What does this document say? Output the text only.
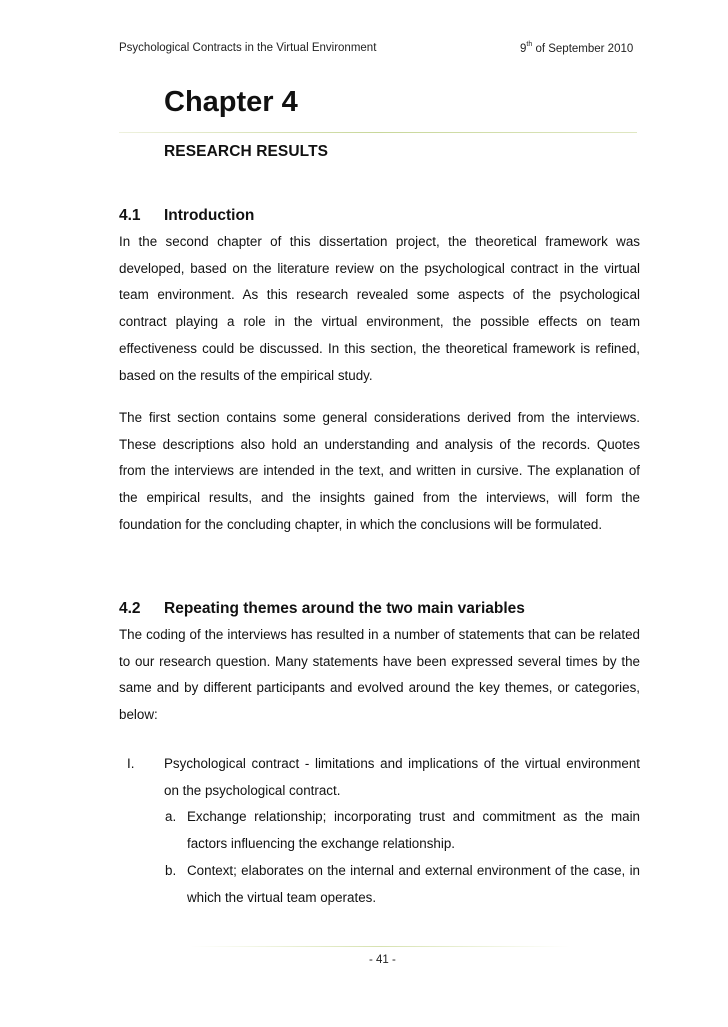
Psychological Contracts in the Virtual Environment	9th of September 2010
Chapter 4
RESEARCH RESULTS
4.1 Introduction
In the second chapter of this dissertation project, the theoretical framework was developed, based on the literature review on the psychological contract in the virtual team environment. As this research revealed some aspects of the psychological contract playing a role in the virtual environment, the possible effects on team effectiveness could be discussed. In this section, the theoretical framework is refined, based on the results of the empirical study.
The first section contains some general considerations derived from the interviews. These descriptions also hold an understanding and analysis of the records. Quotes from the interviews are intended in the text, and written in cursive. The explanation of the empirical results, and the insights gained from the interviews, will form the foundation for the concluding chapter, in which the conclusions will be formulated.
4.2 Repeating themes around the two main variables
The coding of the interviews has resulted in a number of statements that can be related to our research question. Many statements have been expressed several times by the same and by different participants and evolved around the key themes, or categories, below:
I. Psychological contract - limitations and implications of the virtual environment on the psychological contract.
a. Exchange relationship; incorporating trust and commitment as the main factors influencing the exchange relationship.
b. Context; elaborates on the internal and external environment of the case, in which the virtual team operates.
- 41 -
